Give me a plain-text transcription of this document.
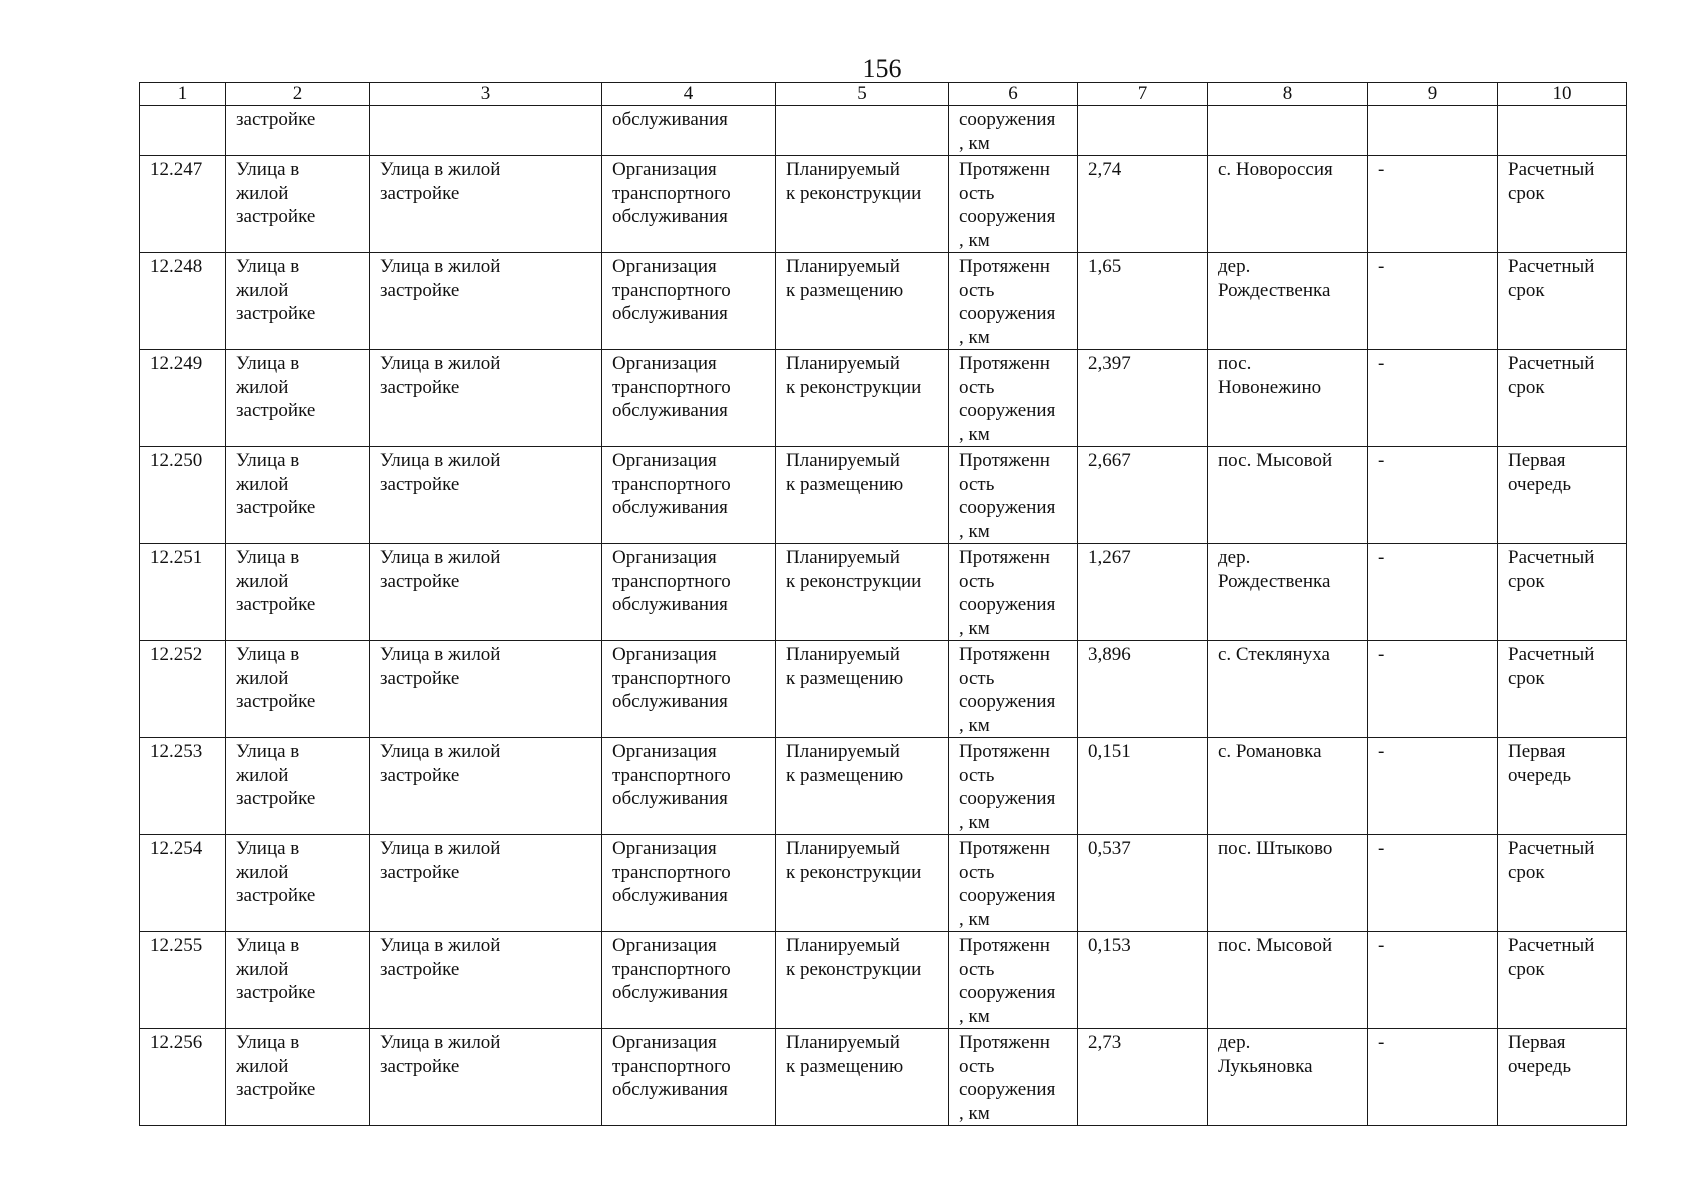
156
1	2	3	4	5	6	7	8	9	10

	застройке		обслуживания		сооружения
, км				

12.247	Улица в
жилой
застройке	Улица в жилой
застройке	Организация
транспортного
обслуживания	Планируемый
к реконструкции	Протяженн
ость
сооружения
, км	2,74	с. Новороссия	-	Расчетный
срок

12.248	Улица в
жилой
застройке	Улица в жилой
застройке	Организация
транспортного
обслуживания	Планируемый
к размещению	Протяженн
ость
сооружения
, км	1,65	дер.
Рождественка	-	Расчетный
срок

12.249	Улица в
жилой
застройке	Улица в жилой
застройке	Организация
транспортного
обслуживания	Планируемый
к реконструкции	Протяженн
ость
сооружения
, км	2,397	пос.
Новонежино	-	Расчетный
срок

12.250	Улица в
жилой
застройке	Улица в жилой
застройке	Организация
транспортного
обслуживания	Планируемый
к размещению	Протяженн
ость
сооружения
, км	2,667	пос. Мысовой	-	Первая
очередь

12.251	Улица в
жилой
застройке	Улица в жилой
застройке	Организация
транспортного
обслуживания	Планируемый
к реконструкции	Протяженн
ость
сооружения
, км	1,267	дер.
Рождественка	-	Расчетный
срок

12.252	Улица в
жилой
застройке	Улица в жилой
застройке	Организация
транспортного
обслуживания	Планируемый
к размещению	Протяженн
ость
сооружения
, км	3,896	с. Стеклянуха	-	Расчетный
срок

12.253	Улица в
жилой
застройке	Улица в жилой
застройке	Организация
транспортного
обслуживания	Планируемый
к размещению	Протяженн
ость
сооружения
, км	0,151	с. Романовка	-	Первая
очередь

12.254	Улица в
жилой
застройке	Улица в жилой
застройке	Организация
транспортного
обслуживания	Планируемый
к реконструкции	Протяженн
ость
сооружения
, км	0,537	пос. Штыково	-	Расчетный
срок

12.255	Улица в
жилой
застройке	Улица в жилой
застройке	Организация
транспортного
обслуживания	Планируемый
к реконструкции	Протяженн
ость
сооружения
, км	0,153	пос. Мысовой	-	Расчетный
срок

12.256	Улица в
жилой
застройке	Улица в жилой
застройке	Организация
транспортного
обслуживания	Планируемый
к размещению	Протяженн
ость
сооружения
, км	2,73	дер.
Лукьяновка	-	Первая
очередь
